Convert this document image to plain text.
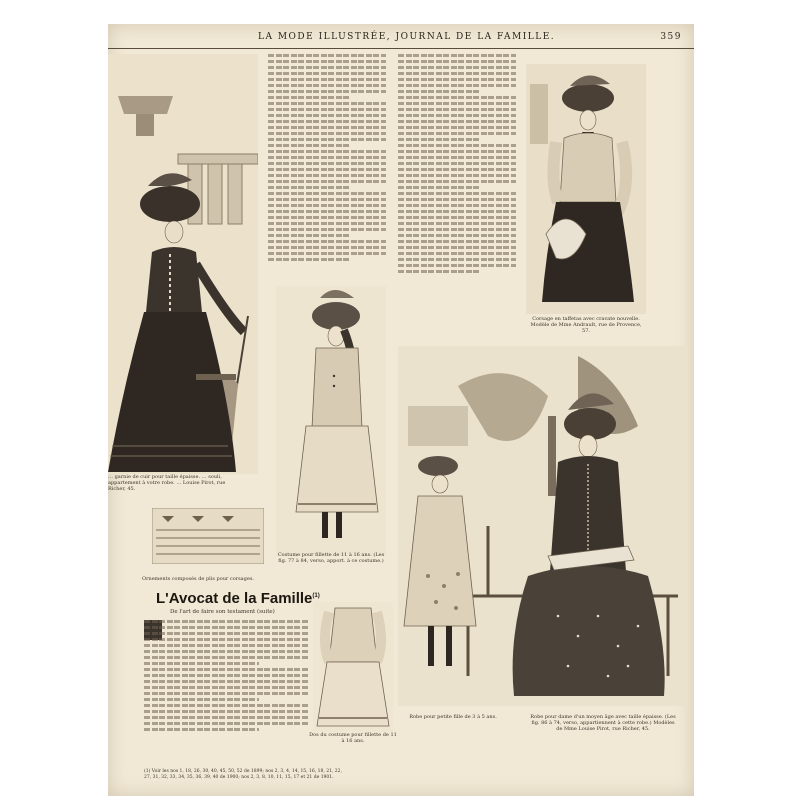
LA MODE ILLUSTRÉE, JOURNAL DE LA FAMILLE.	359
… garnie de cuir pour taille épaisse. … souli, appartement à votre robe. … Louise Pirot, rue Richer, 45.
Corsage en taffetas avec cravate nouvelle. Modèle de Mme Andrault, rue de Provence, 57.
Costume pour fillette de 11 à 16 ans. (Les fig. 77 à 84, verso, apport. à ce costume.)
Ornements composés de plis pour corsages.
L'Avocat de la Famille$^{(1)}$
De l'art de faire son testament (suite)
(1) Voir les nos 1, 18, 26, 30, 40, 45, 50, 52 de 1899; nos 2, 3, 4, 14, 15, 16, 18, 21, 22, 27, 31, 32, 33, 34, 35, 36, 39, 40 de 1900; nos 2, 3, 8, 10, 11, 15, 17 et 21 de 1901.
Dos du costume pour fillette de 11 à 16 ans.
Robe pour petite fille de 3 à 5 ans.	Robe pour dame d'un moyen âge avec taille épaisse. (Les fig. 86 à 74, verso, appartiennent à cette robe.) Modèles de Mme Louise Pirot, rue Richer, 45.
